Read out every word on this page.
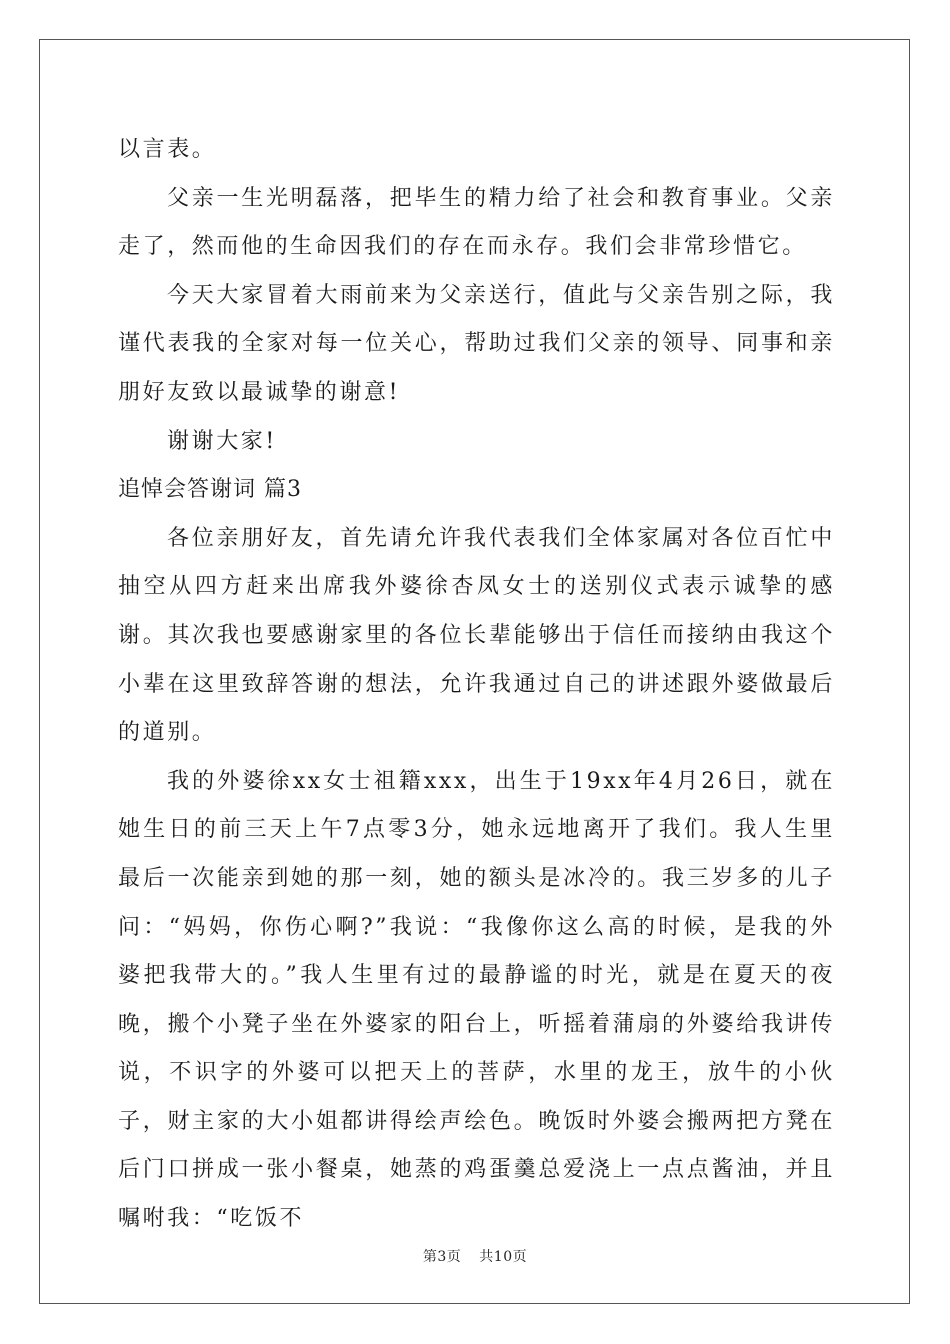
以言表。

父亲一生光明磊落，把毕生的精力给了社会和教育事业。父亲走了，然而他的生命因我们的存在而永存。我们会非常珍惜它。

今天大家冒着大雨前来为父亲送行，值此与父亲告别之际，我谨代表我的全家对每一位关心，帮助过我们父亲的领导、同事和亲朋好友致以最诚挚的谢意!

谢谢大家!

追悼会答谢词 篇3

各位亲朋好友，首先请允许我代表我们全体家属对各位百忙中抽空从四方赶来出席我外婆徐杏凤女士的送别仪式表示诚挚的感谢。其次我也要感谢家里的各位长辈能够出于信任而接纳由我这个小辈在这里致辞答谢的想法，允许我通过自己的讲述跟外婆做最后的道别。

我的外婆徐xx女士祖籍xxx，出生于19xx年4月26日，就在她生日的前三天上午7点零3分，她永远地离开了我们。我人生里最后一次能亲到她的那一刻，她的额头是冰冷的。我三岁多的儿子问：“妈妈，你伤心啊?”我说：“我像你这么高的时候，是我的外婆把我带大的。”我人生里有过的最静谧的时光，就是在夏天的夜晚，搬个小凳子坐在外婆家的阳台上，听摇着蒲扇的外婆给我讲传说，不识字的外婆可以把天上的菩萨，水里的龙王，放牛的小伙子，财主家的大小姐都讲得绘声绘色。晚饭时外婆会搬两把方凳在后门口拼成一张小餐桌，她蒸的鸡蛋羹总爱浇上一点点酱油，并且嘱咐我：“吃饭不

第3页 共10页
